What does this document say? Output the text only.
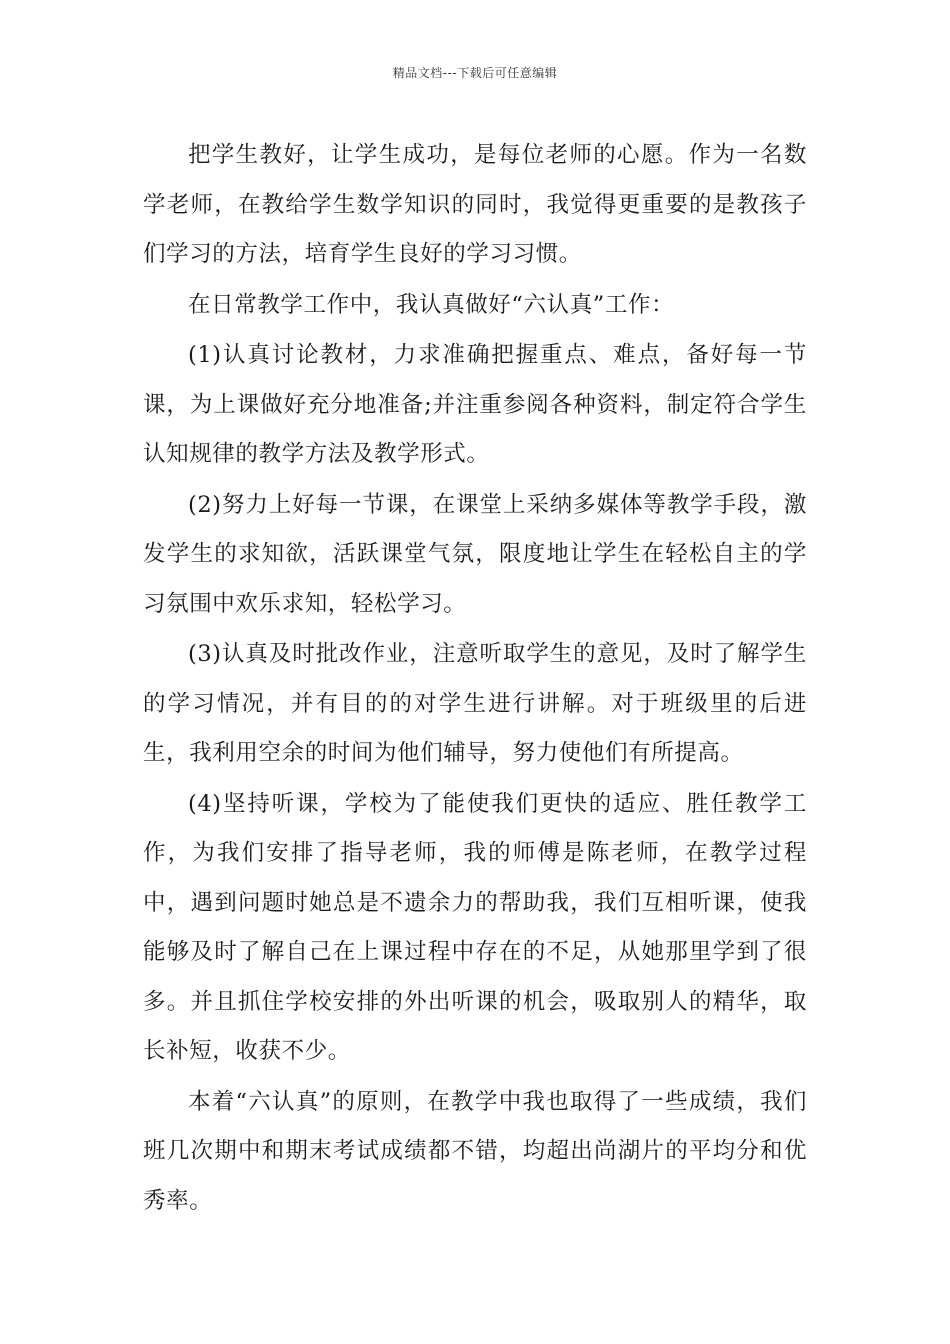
精品文档---下载后可任意编辑

把学生教好，让学生成功，是每位老师的心愿。作为一名数学老师，在教给学生数学知识的同时，我觉得更重要的是教孩子们学习的方法，培育学生良好的学习习惯。

在日常教学工作中，我认真做好“六认真”工作：

(1)认真讨论教材，力求准确把握重点、难点，备好每一节课，为上课做好充分地准备;并注重参阅各种资料，制定符合学生认知规律的教学方法及教学形式。

(2)努力上好每一节课，在课堂上采纳多媒体等教学手段，激发学生的求知欲，活跃课堂气氛，限度地让学生在轻松自主的学习氛围中欢乐求知，轻松学习。

(3)认真及时批改作业，注意听取学生的意见，及时了解学生的学习情况，并有目的的对学生进行讲解。对于班级里的后进生，我利用空余的时间为他们辅导，努力使他们有所提高。

(4)坚持听课，学校为了能使我们更快的适应、胜任教学工作，为我们安排了指导老师，我的师傅是陈老师，在教学过程中，遇到问题时她总是不遗余力的帮助我，我们互相听课，使我能够及时了解自己在上课过程中存在的不足，从她那里学到了很多。并且抓住学校安排的外出听课的机会，吸取别人的精华，取长补短，收获不少。

本着“六认真”的原则，在教学中我也取得了一些成绩，我们班几次期中和期末考试成绩都不错，均超出尚湖片的平均分和优秀率。
